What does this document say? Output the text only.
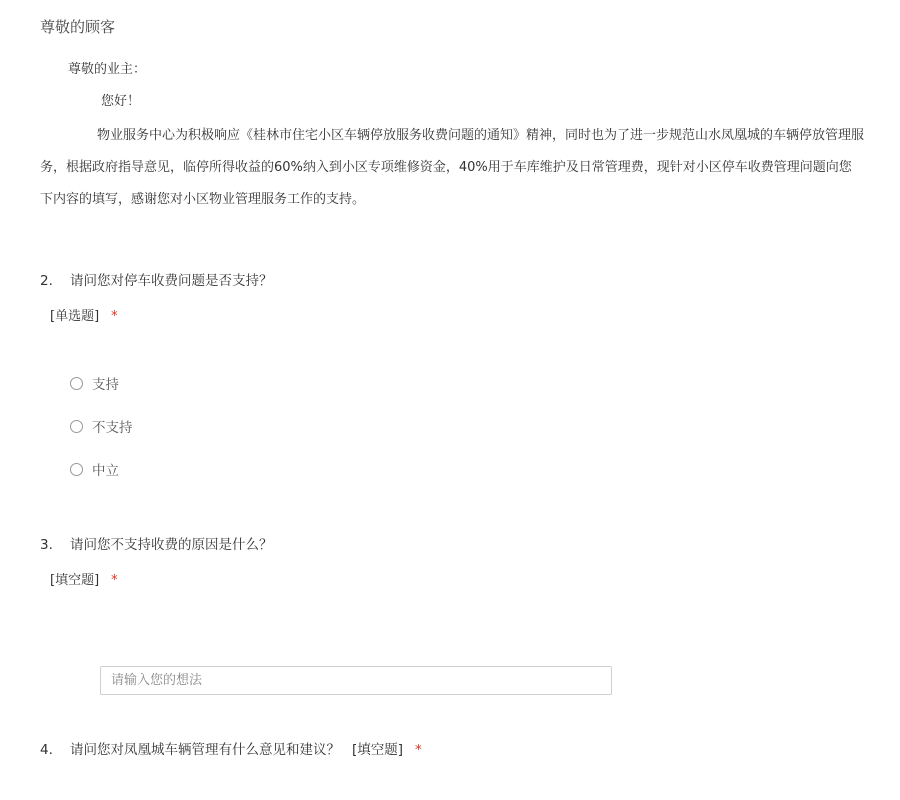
尊敬的顾客
尊敬的业主：
您好！
物业服务中心为积极响应《桂林市住宅小区车辆停放服务收费问题的通知》精神，同时也为了进一步规范山水凤凰城的车辆停放管理服
务，根据政府指导意见，临停所得收益的60%纳入到小区专项维修资金，40%用于车库维护及日常管理费，现针对小区停车收费管理问题向您
下内容的填写，感谢您对小区物业管理服务工作的支持。
2. 请问您对停车收费问题是否支持？
[单选题] *
支持
不支持
中立
3. 请问您不支持收费的原因是什么？
[填空题] *
请输入您的想法
4. 请问您对凤凰城车辆管理有什么意见和建议？ [填空题] *
